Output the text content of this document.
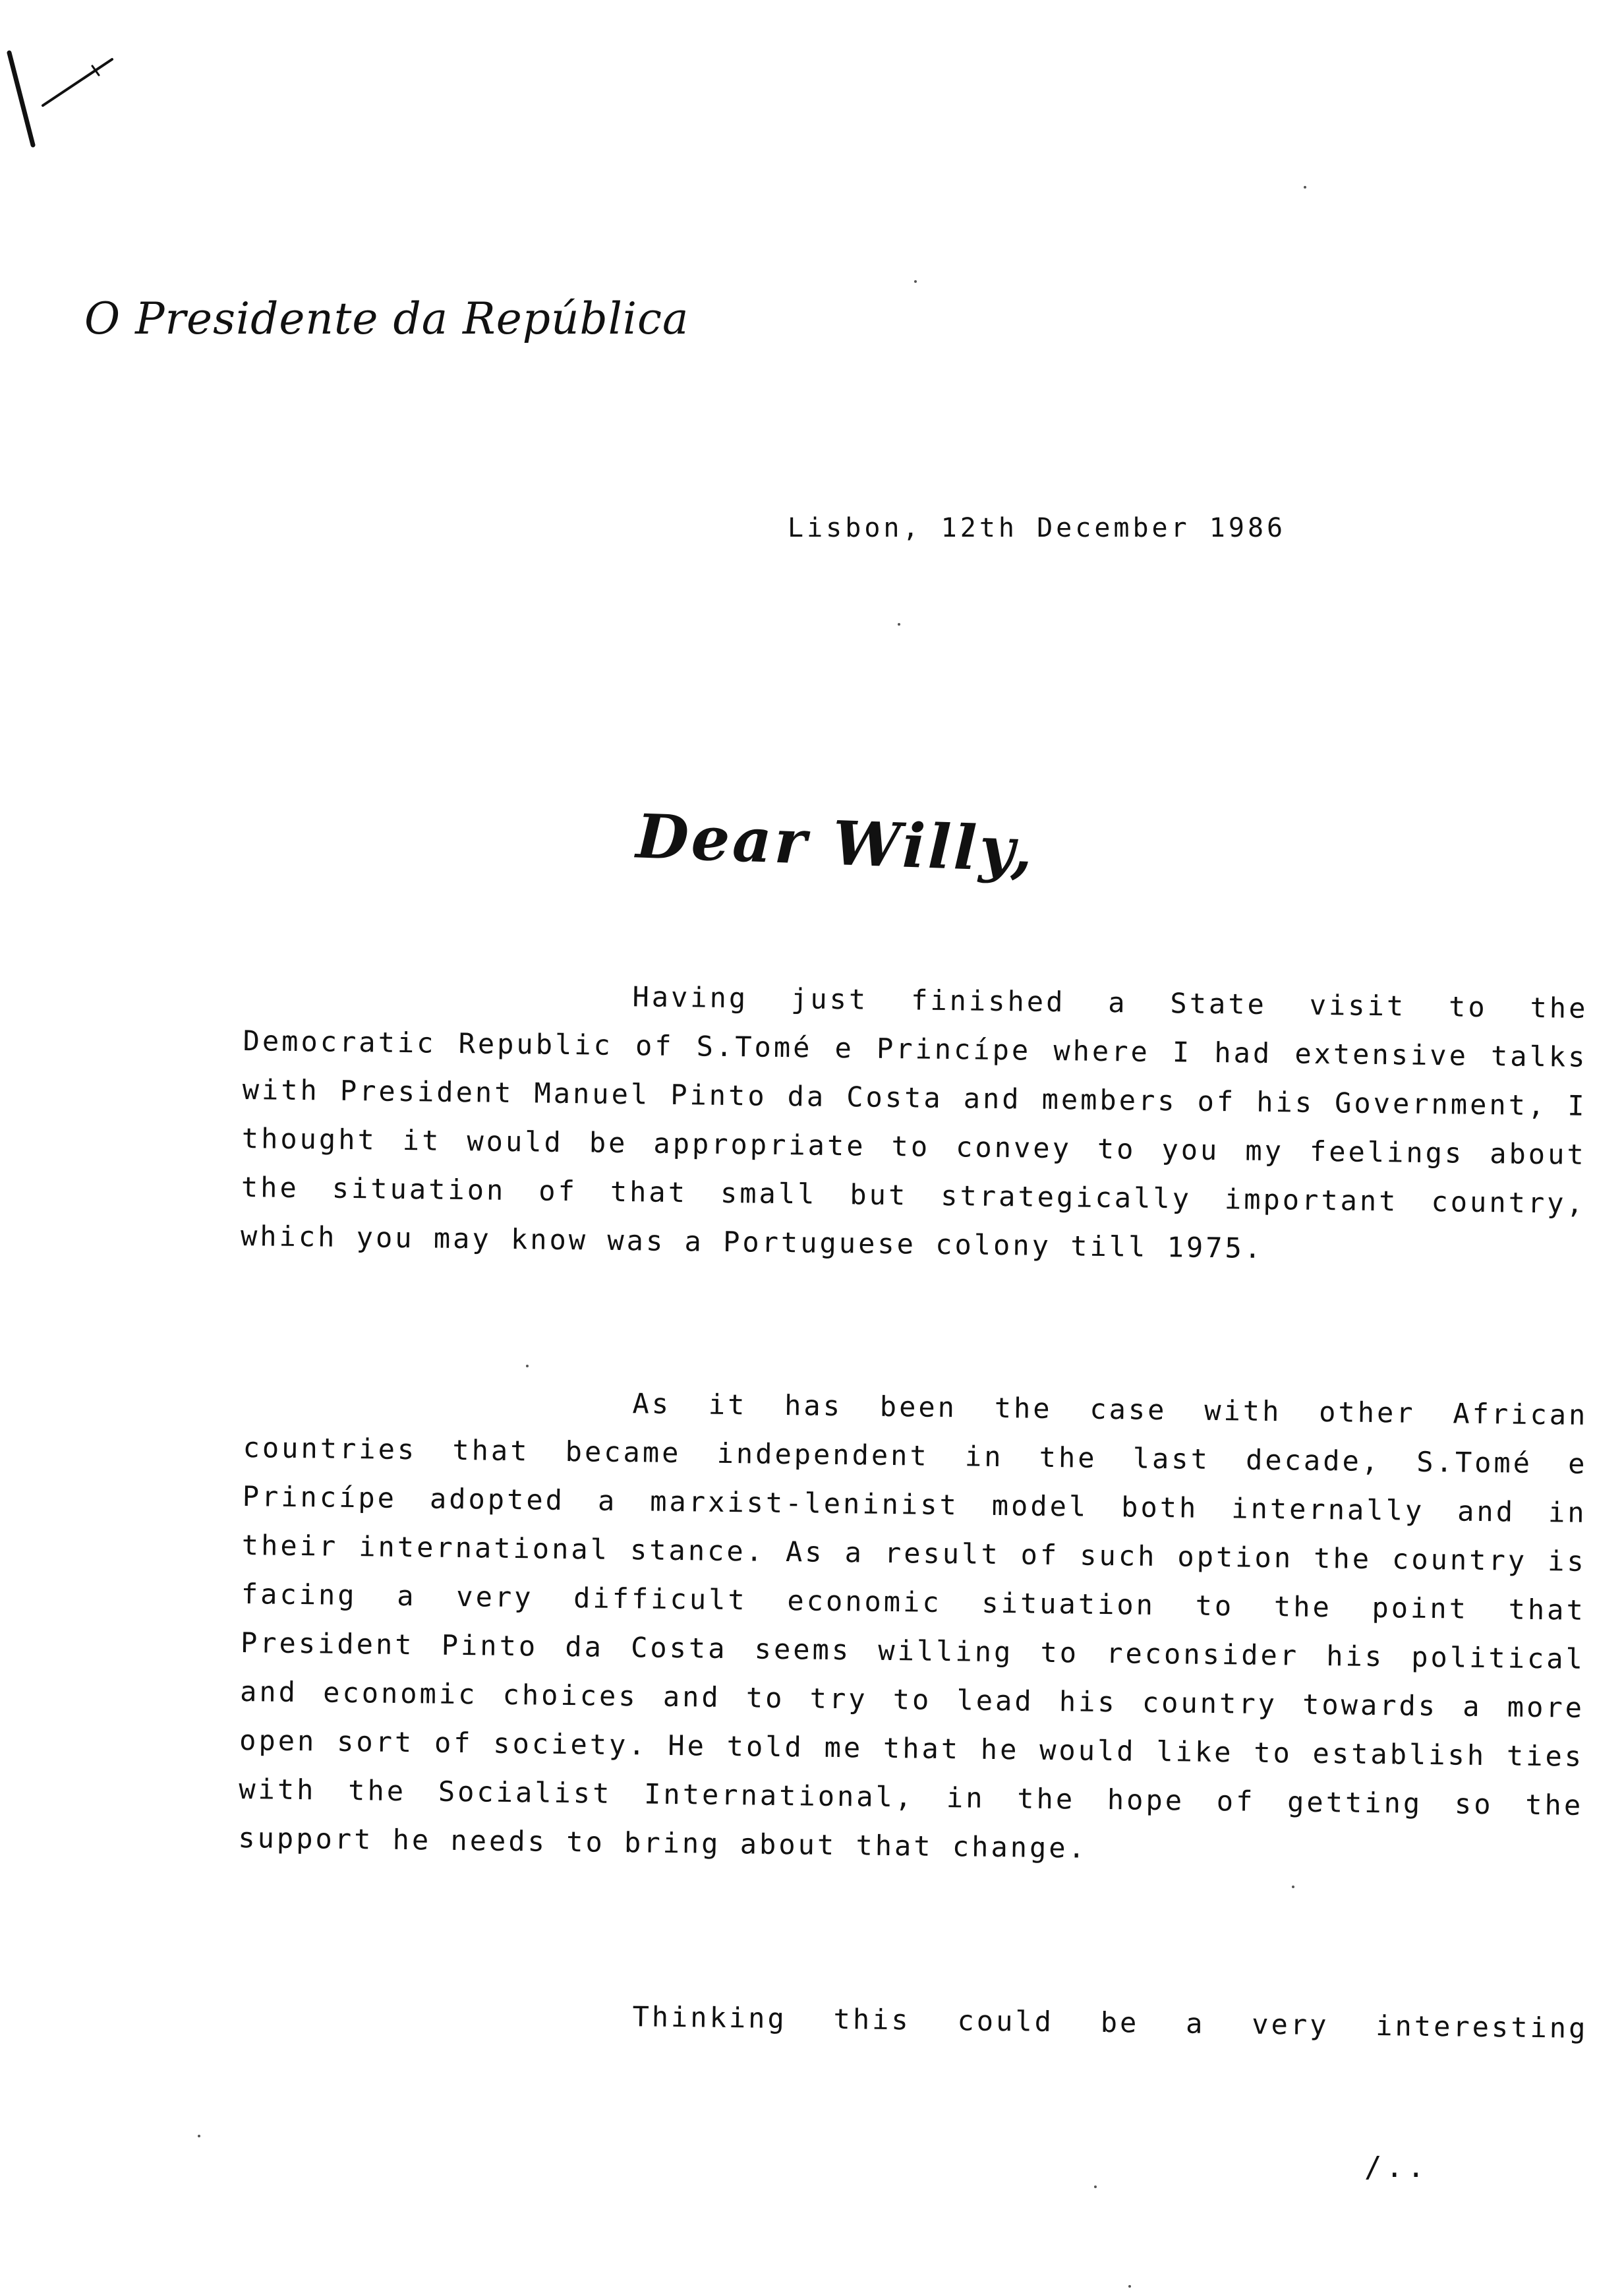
O Presidente da República
Lisbon, 12th December 1986
Dear Willy,

Having just finished a State visit to the Democratic Republic of S.Tomé e Princípe where I had extensive talks with President Manuel Pinto da Costa and members of his Government, I thought it would be appropriate to convey to you my feelings about the situation of that small but strategically important country, which you may know was a Portuguese colony till 1975.

As it has been the case with other African countries that became independent in the last decade, S.Tomé e Princípe adopted a marxist-leninist model both internally and in their international stance. As a result of such option the country is facing a very difficult economic situation to the point that President Pinto da Costa seems willing to reconsider his political and economic choices and to try to lead his country towards a more open sort of society. He told me that he would like to establish ties with the Socialist International, in the hope of getting so the support he needs to bring about that change.

Thinking this could be a very interesting

/..
